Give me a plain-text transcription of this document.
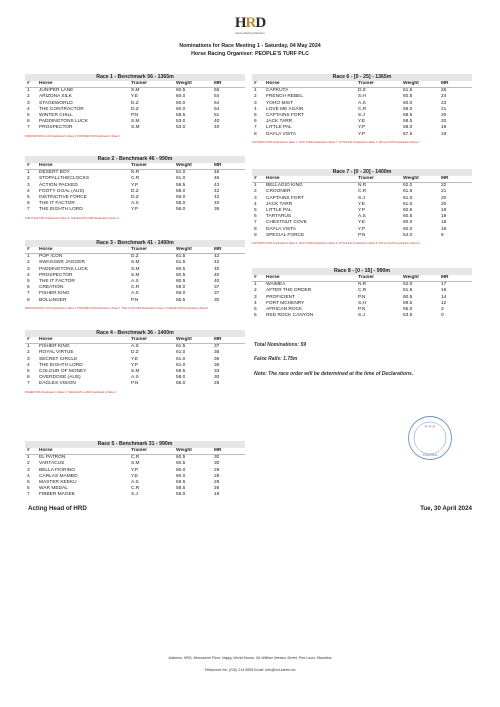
HRD
Horse Racing Division
Nominations for Race Meeting 1 - Saturday, 04 May 2024
Horse Racing Organiser: PEOPLE'S TURF PLC
Race 1 - Benchmark 56 - 1365m
#	Horse	Trainer	Weight	MR
1	JUNIPER LANE	S.M	60.5	55
2	ARIZONA SILK	Y.E	60.0	54
3	STAGEWORLD	D.Z	60.0	54
4	THE CONTRACTOR	D.Z	60.0	54
5	WINTER CHILL	P.N	58.5	51
6	PADDINGTONS LUCK	S.M	53.0	40
7	PROSPECTOR	S.M	53.0	40
PADDINGTONS LUCK Duplicated in Race 3, PROSPECTOR Duplicated in Race 3
Race 2 - Benchmark 46 - 990m
#	Horse	Trainer	Weight	MR
1	DESERT BOY	N.R	61.0	46
2	STOPALLTHECLOCKS	C.R	61.0	46
3	ACTION PACKED	Y.P	59.5	43
4	FOOTY GOAL (AUS)	D.Z	58.0	42
5	INSTINCTIVE FORCE	D.Z	59.0	42
6	THE IT FACTOR	A.S	58.0	40
7	THE EIGHTH LORD	Y.P	56.0	36
THE IT FACTOR Duplicated in Race 3, THE EIGHTH LORD Duplicated in Race 4
Race 3 - Benchmark 41 - 1400m
#	Horse	Trainer	Weight	MR
1	POP ICON	D.Z	61.5	42
2	SWAGGER JAGGER	S.M	61.5	42
3	PADDINGTONS LUCK	S.M	60.5	40
4	PROSPECTOR	S.M	60.5	40
5	THE IT FACTOR	A.S	60.5	40
6	CREATION	C.R	59.0	37
7	FISHER KING	A.S	59.0	37
8	BOLLINGER	P.N	55.5	30
PADDINGTONS LUCK Duplicated in Race 1, PROSPECTOR Duplicated in Race 1, THE IT FACTOR Duplicated in Race 2, FISHER KING Duplicated in Race 4
Race 4 - Benchmark 36 - 1400m
#	Horse	Trainer	Weight	MR
1	FISHER KING	A.S	61.5	37
2	ROYAL VIRTUE	D.Z	61.0	36
3	SECRET CIRCLE	Y.E	61.0	36
4	THE EIGHTH LORD	Y.P	61.0	36
5	COLOUR OF MONEY	S.M	59.5	33
6	OVERDOSE (AUS)	A.S	58.0	30
7	EAGLES VISION	P.N	56.0	26
FISHER KING Duplicated in Race 3, THE EIGHTH LORD Duplicated in Race 2
Race 5 - Benchmark 31 - 990m
#	Horse	Trainer	Weight	MR
1	EL PATRON	C.R	60.5	30
2	VARTACUS	S.M	60.5	30
3	BELLA FIORINO	Y.P	60.0	29
4	CARLAS MAMBO	Y.E	60.0	28
5	MASTER KEEKU	A.S	59.5	28
6	WAR MEDAL	C.R	58.5	26
7	FIBBER MAGEE	S.J	55.0	19
Race 6 - [0 - 25] - 1365m
#	Horse	Trainer	Weight	MR
1	CAPKUTA	D.Z	61.5	26
2	FRENCH REBEL	S.H	60.5	24
3	YOHO MIST	A.S	60.0	23
4	LOVE ME AGAIN	C.R	59.0	21
5	CAPTAINS FORT	S.J	58.5	20
6	JACK TARR	Y.E	58.5	20
7	LITTLE PAL	Y.P	58.0	19
8	DAYLA VISTA	Y.P	57.5	18
CAPTAINS FORT Duplicated in Race 7, JACK TARR Duplicated in Race 7, LITTLE PAL Duplicated in Race 7, DAYLA VISTA Duplicated in Race 7
Race 7 - [0 - 20] - 1400m
#	Horse	Trainer	Weight	MR
1	BELLAGIO KING	N.R	62.0	22
2	CROONER	C.R	61.5	21
3	CAPTAINS FORT	S.J	61.0	20
4	JACK TARR	Y.E	61.0	20
5	LITTLE PAL	Y.P	60.5	19
6	TARTARUS	A.S	60.5	19
7	CHESTNUT COVE	Y.E	60.0	18
8	DAYLA VISTA	Y.P	60.0	18
9	SPECIAL FORCE	P.N	54.0	6
CAPTAINS FORT Duplicated in Race 6, JACK TARR Duplicated in Race 6, LITTLE PAL Duplicated in Race 6, DAYLA VISTA Duplicated in Race 6
Race 8 - [0 - 15] - 990m
#	Horse	Trainer	Weight	MR
1	WAIMEA	N.R	62.0	17
2	AFTER THE ORDER	C.R	61.5	16
3	PROFICIENT	P.N	60.5	14
4	FORT MCHENRY	S.H	59.5	12
5	AFRICAN ROCK	P.N	55.0	3
6	RED ROCK CANYON	S.J	53.5	0
Total Nominations: 59
False Rails: 1.75m
Note: The race order will be determined at the time of Declarations.
H.R.D
Mauritius
Acting Head of HRD	Tue, 30 April 2024
Address: HRD, Mezzanine Floor, Happy World House, Sir William Newton Street, Port Louis, Mauritius
Telephone No. (230) 214 9806 Email: info@hrd.intnet.mu
